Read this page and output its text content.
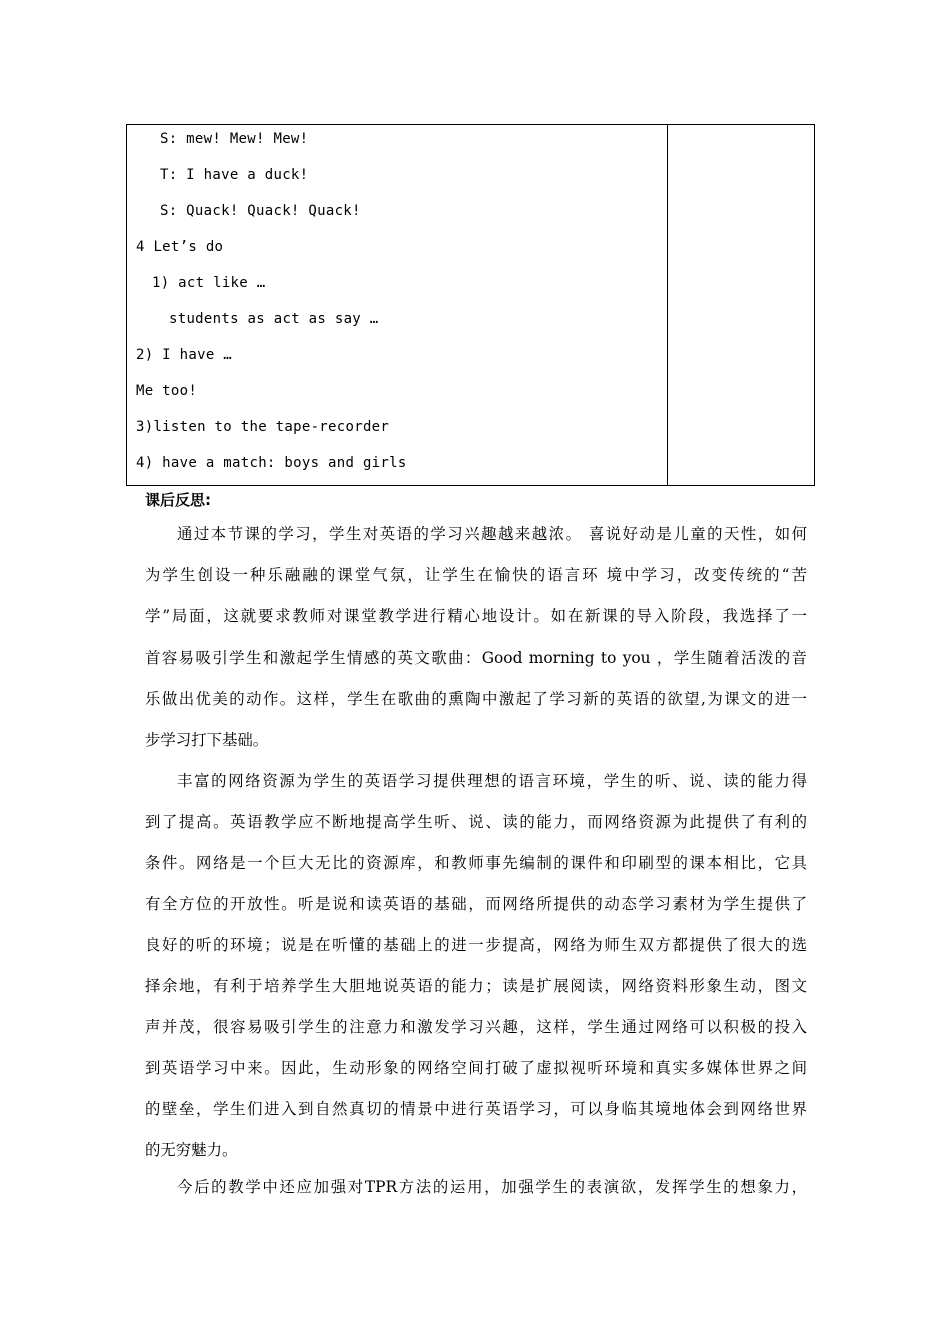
S: mew! Mew! Mew!
T: I have a duck!
S: Quack! Quack! Quack!
4 Let’s do
1) act like …
students as act as say …
2) I have …
Me too!
3)listen to the tape-recorder
4) have a match: boys and girls
课后反思:
通过本节课的学习，学生对英语的学习兴趣越来越浓。 喜说好动是儿童的天性，如何
为学生创设一种乐融融的课堂气氛，让学生在愉快的语言环 境中学习，改变传统的“苦
学”局面，这就要求教师对课堂教学进行精心地设计。如在新课的导入阶段，我选择了一
首容易吸引学生和激起学生情感的英文歌曲：Good morning to you ，学生随着活泼的音
乐做出优美的动作。这样，学生在歌曲的熏陶中激起了学习新的英语的欲望,为课文的进一
步学习打下基础。
丰富的网络资源为学生的英语学习提供理想的语言环境，学生的听、说、读的能力得
到了提高。英语教学应不断地提高学生听、说、读的能力，而网络资源为此提供了有利的
条件。网络是一个巨大无比的资源库，和教师事先编制的课件和印刷型的课本相比，它具
有全方位的开放性。听是说和读英语的基础，而网络所提供的动态学习素材为学生提供了
良好的听的环境；说是在听懂的基础上的进一步提高，网络为师生双方都提供了很大的选
择余地，有利于培养学生大胆地说英语的能力；读是扩展阅读，网络资料形象生动，图文
声并茂，很容易吸引学生的注意力和激发学习兴趣，这样，学生通过网络可以积极的投入
到英语学习中来。因此，生动形象的网络空间打破了虚拟视听环境和真实多媒体世界之间
的壁垒，学生们进入到自然真切的情景中进行英语学习，可以身临其境地体会到网络世界
的无穷魅力。
今后的教学中还应加强对TPR方法的运用，加强学生的表演欲，发挥学生的想象力，
